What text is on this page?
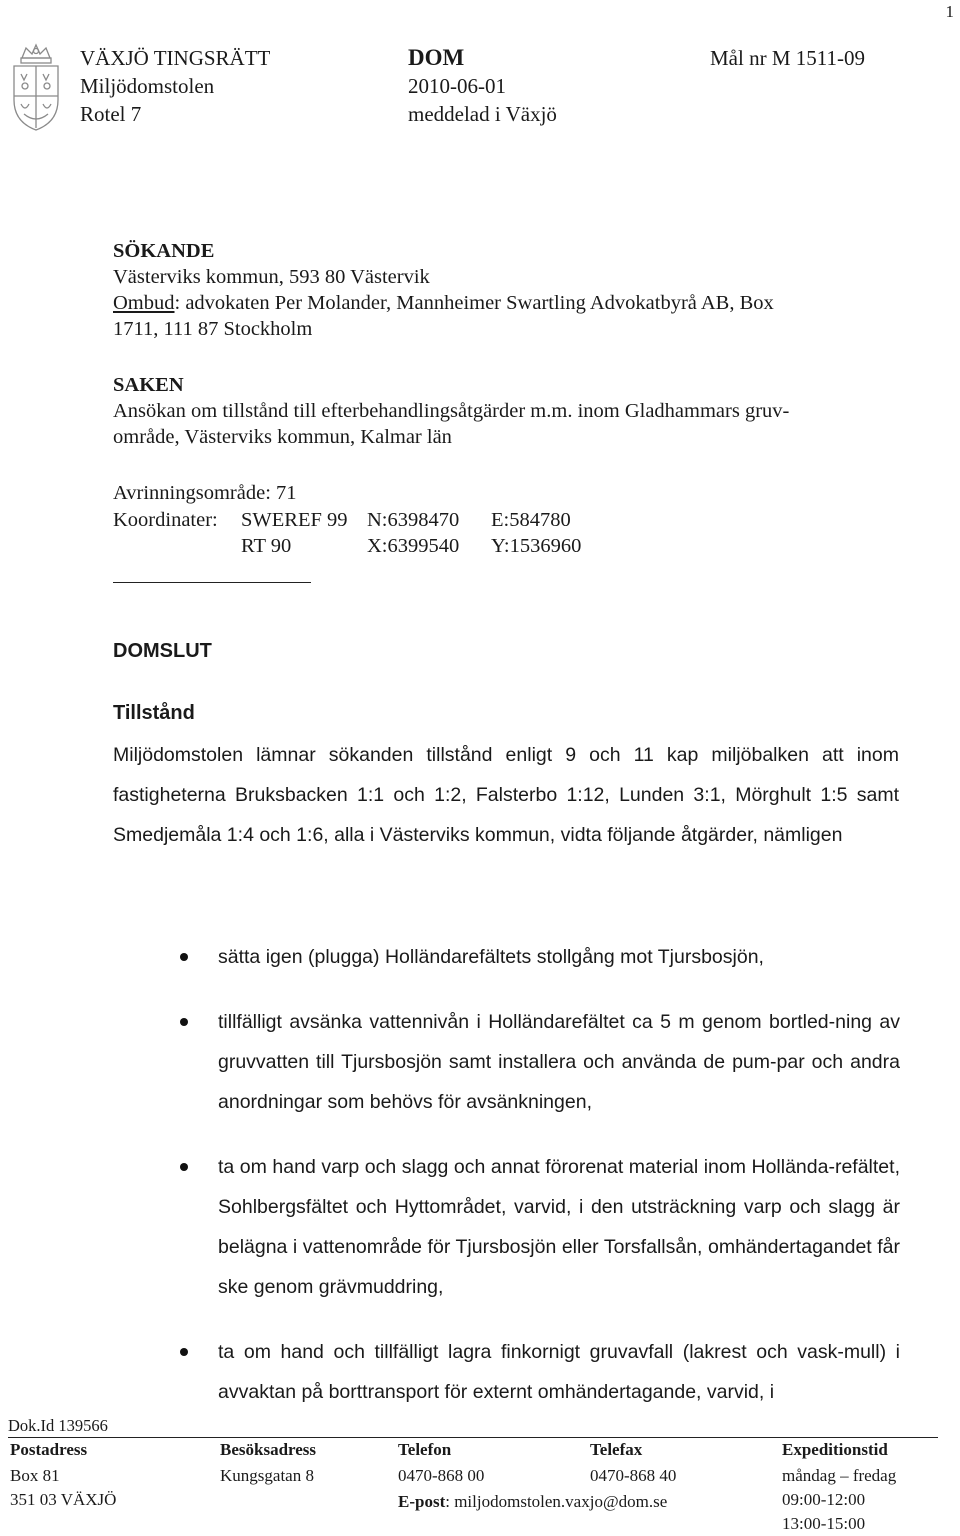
1
VÄXJÖ TINGSRÄTT
Miljödomstolen
Rotel 7
DOM
2010-06-01
meddelad i Växjö
Mål nr M 1511-09
SÖKANDE
Västerviks kommun, 593 80 Västervik
Ombud: advokaten Per Molander, Mannheimer Swartling Advokatbyrå AB, Box
1711, 111 87 Stockholm
SAKEN
Ansökan om tillstånd till efterbehandlingsåtgärder m.m. inom Gladhammars gruv-
område, Västerviks kommun, Kalmar län
Avrinningsområde: 71
Koordinater: SWEREF 99 N:6398470 E:584780
RT 90	X:6399540 Y:1536960
DOMSLUT
Tillstånd
Miljödomstolen lämnar sökanden tillstånd enligt 9 och 11 kap miljöbalken att inom fastigheterna Bruksbacken 1:1 och 1:2, Falsterbo 1:12, Lunden 3:1, Mörghult 1:5 samt Smedjemåla 1:4 och 1:6, alla i Västerviks kommun, vidta följande åtgärder, nämligen
sätta igen (plugga) Holländarefältets stollgång mot Tjursbosjön,
tillfälligt avsänka vattennivån i Holländarefältet ca 5 m genom bortled-ning av gruvvatten till Tjursbosjön samt installera och använda de pum-par och andra anordningar som behövs för avsänkningen,
ta om hand varp och slagg och annat förorenat material inom Hollända-refältet, Sohlbergsfältet och Hyttområdet, varvid, i den utsträckning varp och slagg är belägna i vattenområde för Tjursbosjön eller Torsfallsån, omhändertagandet får ske genom grävmuddring,
ta om hand och tillfälligt lagra finkornigt gruvavfall (lakrest och vask-mull) i avvaktan på borttransport för externt omhändertagande, varvid, i
Dok.Id 139566
Postadress
Box 81
351 03 VÄXJÖ
Besöksadress
Kungsgatan 8
Telefon
0470-868 00
E-post: miljodomstolen.vaxjo@dom.se
Telefax
0470-868 40
Expeditionstid
måndag – fredag
09:00-12:00
13:00-15:00
